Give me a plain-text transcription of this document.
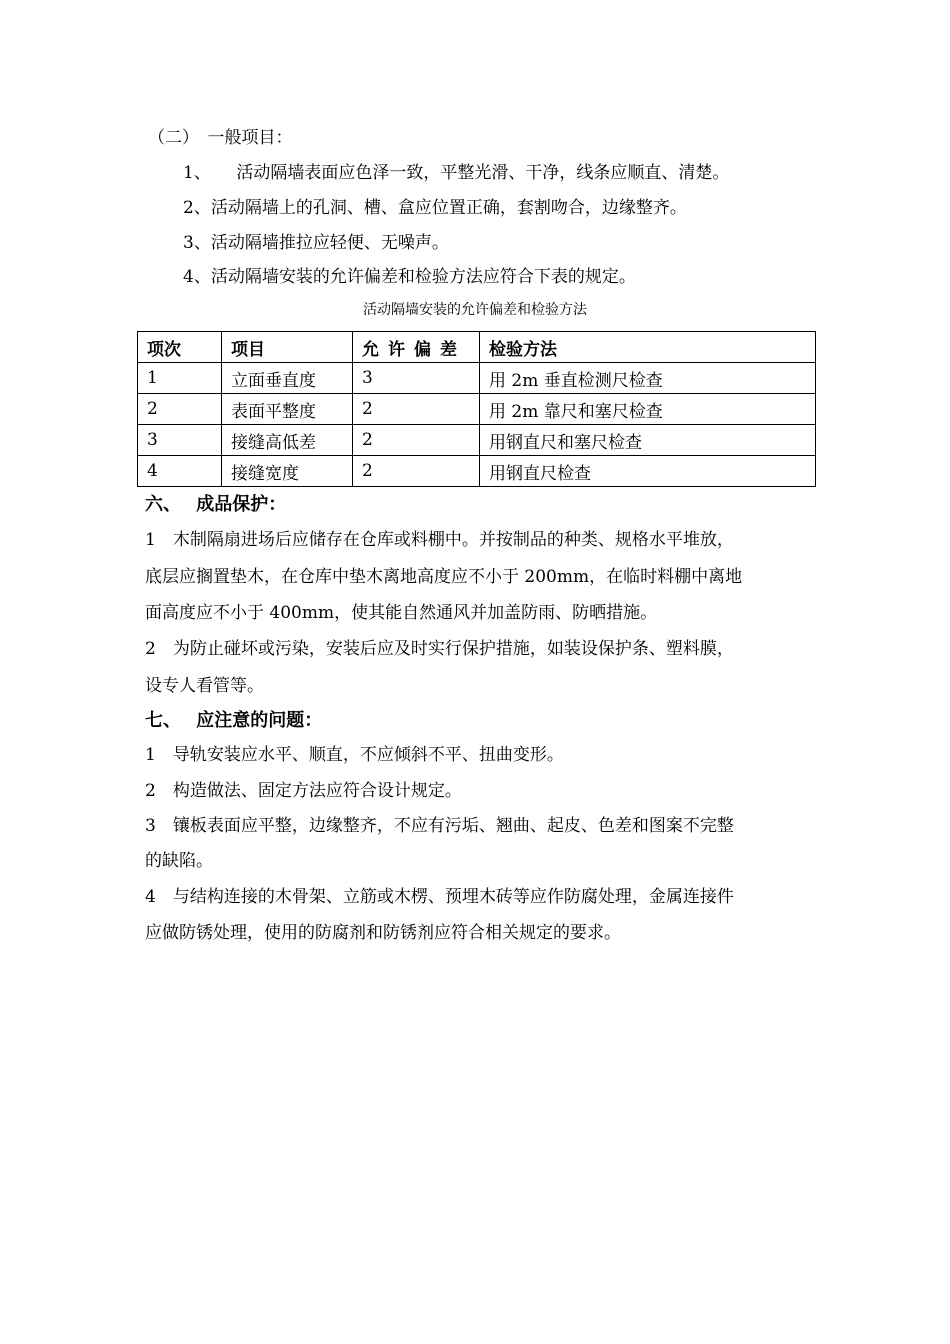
（二）　一般项目：
1、　　活动隔墙表面应色泽一致，平整光滑、干净，线条应顺直、清楚。
2、活动隔墙上的孔洞、槽、盒应位置正确，套割吻合，边缘整齐。
3、活动隔墙推拉应轻便、无噪声。
4、活动隔墙安装的允许偏差和检验方法应符合下表的规定。
活动隔墙安装的允许偏差和检验方法
项次	项目	允许偏差	检验方法
1	立面垂直度	3	用 2m 垂直检测尺检查
2	表面平整度	2	用 2m 靠尺和塞尺检查
3	接缝高低差	2	用钢直尺和塞尺检查
4	接缝宽度	2	用钢直尺检查
六、　 成品保护：
1　木制隔扇进场后应储存在仓库或料棚中。并按制品的种类、规格水平堆放，
底层应搁置垫木，在仓库中垫木离地高度应不小于 200mm，在临时料棚中离地
面高度应不小于 400mm，使其能自然通风并加盖防雨、防晒措施。
2　为防止碰坏或污染，安装后应及时实行保护措施，如装设保护条、塑料膜，
设专人看管等。
七、　 应注意的问题：
1　导轨安装应水平、顺直，不应倾斜不平、扭曲变形。
2　构造做法、固定方法应符合设计规定。
3　镶板表面应平整，边缘整齐，不应有污垢、翘曲、起皮、色差和图案不完整
的缺陷。
4　与结构连接的木骨架、立筋或木楞、预埋木砖等应作防腐处理，金属连接件
应做防锈处理，使用的防腐剂和防锈剂应符合相关规定的要求。
